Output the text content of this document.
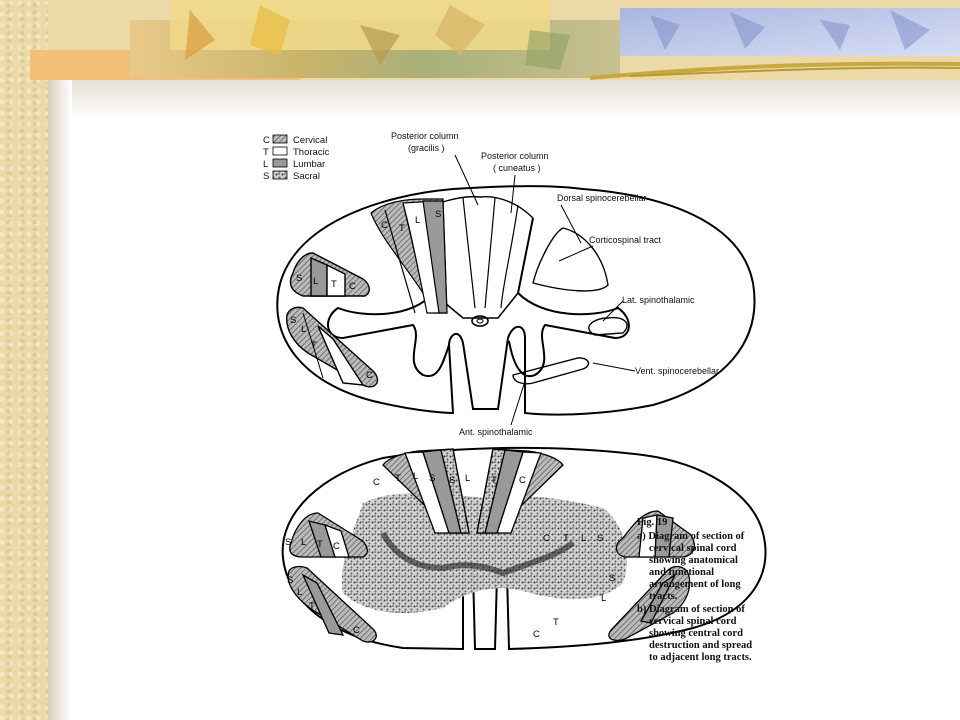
C Cervical
T	Thoracic
L	Lumbar
S Sacral
C T
L
S
S L T C
S
L
T
C
Posterior column
(gracilis )
Posterior column
( cuneatus )
Dorsal spinocerebellar
Corticospinal tract
Lat. spinothalamic
Vent. spinocerebellar
Ant. spinothalamic
C T L S S L T C
S L T C
C T L S
S
L
T
C
S
L
T
C
Fig. 19
a) Diagram of section of
cervical spinal cord
showing anatomical
and functional
arrangement of long
tracts.
b) Diagram of section of
cervical spinal cord
showing central cord
destruction and spread
to adjacent long tracts.
